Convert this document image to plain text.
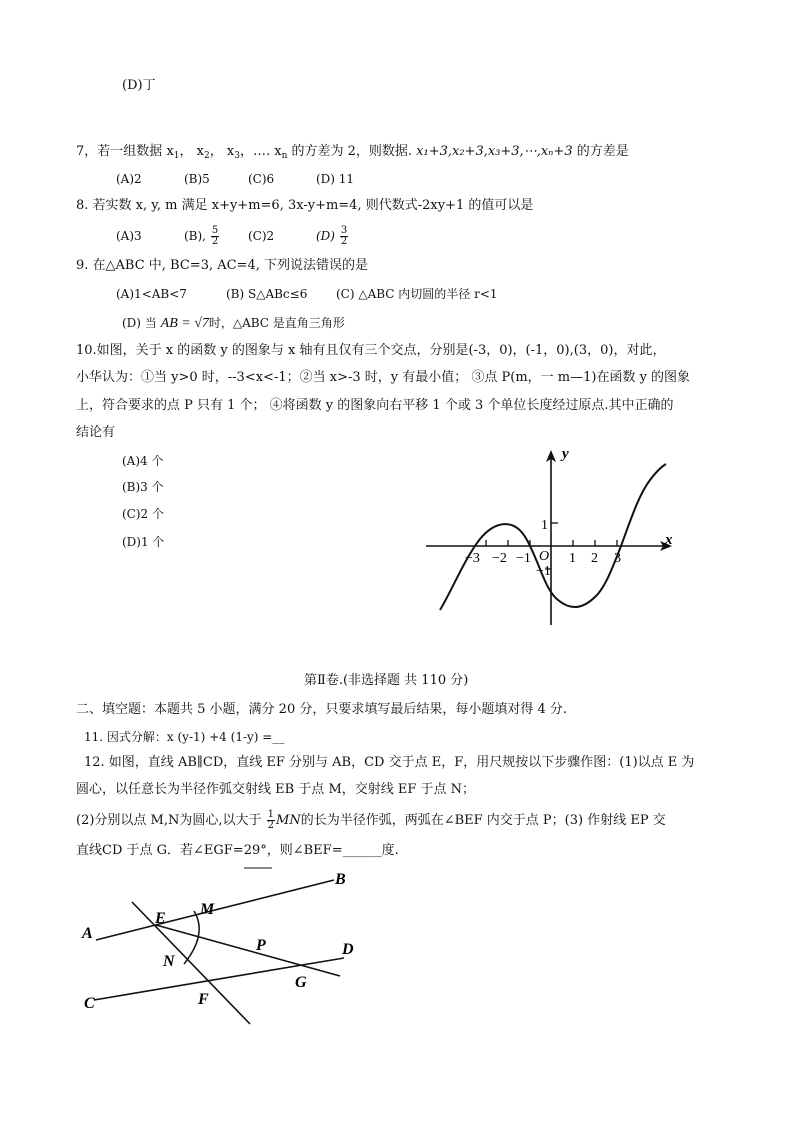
(D)丁
7，若一组数据 $x_1$， $x_2$， $x_3$，…. $x_n$ 的方差为 2，则数据. x₁+3,x₂+3,x₃+3,⋯,xₙ+3 的方差是
(A)2	(B)5	(C)6	(D) 11
8. 若实数 x, y, m 满足 x+y+m=6, 3x-y+m=4, 则代数式-2xy+1 的值可以是
(A)3	(B), $\frac{5}{2} (C)2$	$(D) \frac{3}{2}$
9. 在△ABC 中, BC=3, AC=4, 下列说法错误的是
(A)1<AB<7	(B) S△ABc≤6 (C) △ABC 内切圆的半径 r<1
(D) 当 AB = √7时，△ABC 是直角三角形
10.如图，关于 x 的函数 y 的图象与 x 轴有且仅有三个交点，分别是(-3，0)，(-1，0),(3，0)，对此，
小华认为：①当 y>0 时，--3<x<-1；②当 x>-3 时，y 有最小值； ③点 P(m，一 m—1)在函数 y 的图象
上，符合要求的点 P 只有 1 个； ④将函数 y 的图象向右平移 1 个或 3 个单位长度经过原点.其中正确的
结论有
(A)4 个
(B)3 个
(C)2 个
(D)1 个
y
x
O
1
−1
−3 −2 −1	1 2 3
第Ⅱ卷.(非选择题 共 110 分)
二、填空题：本题共 5 小题，满分 20 分，只要求填写最后结果，每小题填对得 4 分.
11. 因式分解：x (y-1) +4 (1-y) =__
12. 如图，直线 AB∥CD，直线 EF 分别与 AB，CD 交于点 E，F，用尺规按以下步骤作图：(1)以点 E 为
圆心，以任意长为半径作弧交射线 EB 于点 M，交射线 EF 于点 N；
(2)分别以点 M,N为圆心,以大于 $\frac{1}{2}$ MN的长为半径作弧，两弧在∠BEF 内交于点 P；(3) 作射线 EP 交
直线CD 于点 G．若∠EGF=29°，则∠BEF=______度.
A
B
C
D
E
F
G
M
N
P
